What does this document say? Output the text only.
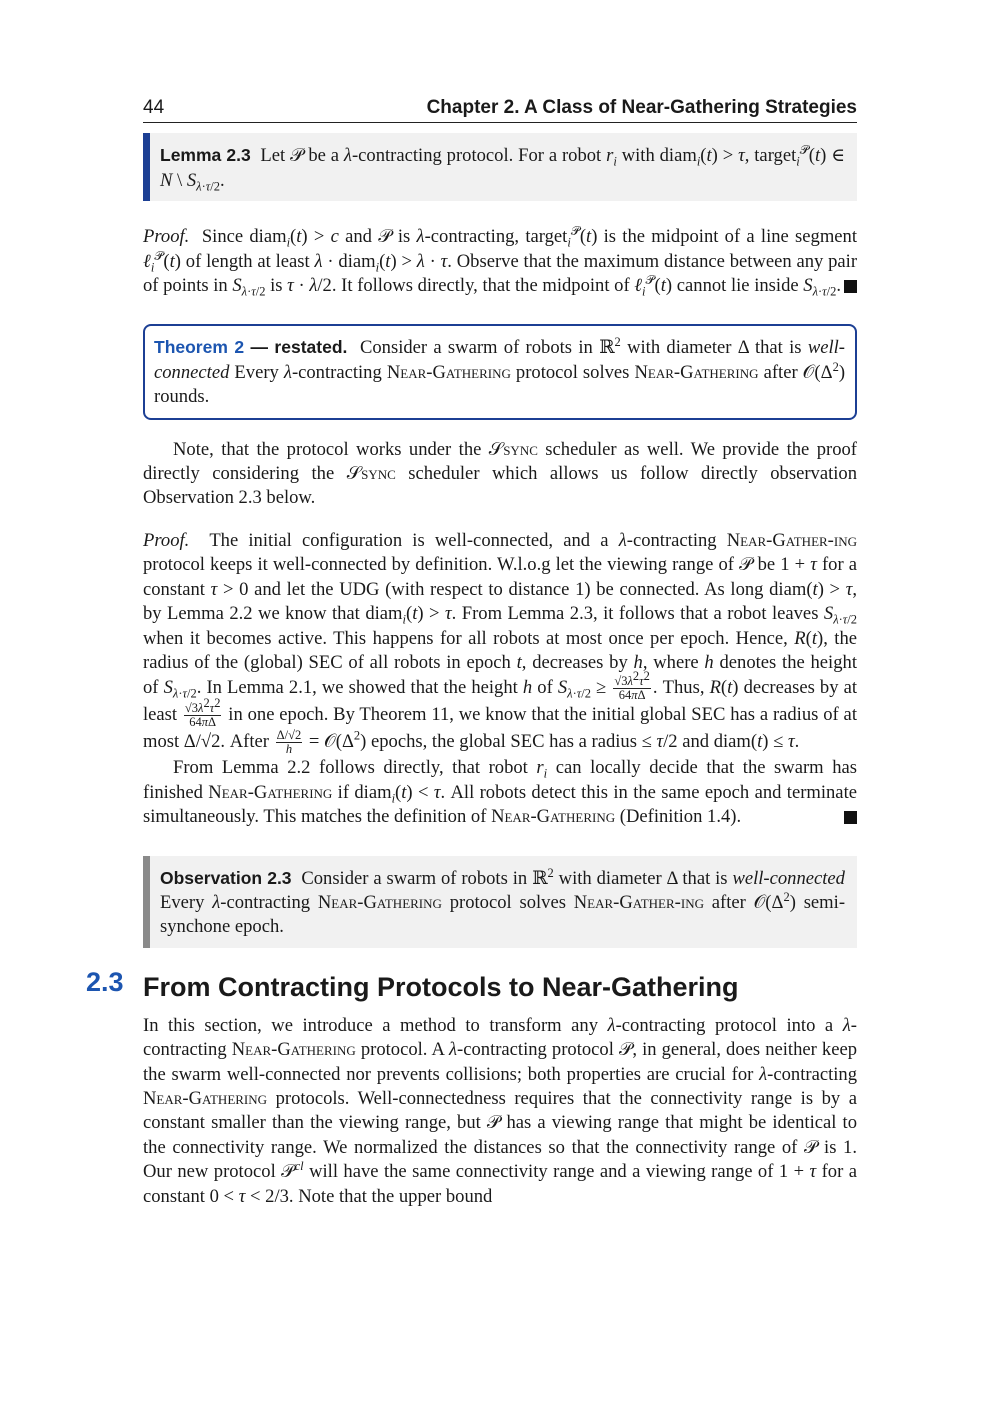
44	Chapter 2. A Class of Near-Gathering Strategies

Lemma 2.3  Let 𝒫 be a λ-contracting protocol. For a robot $r_i$ with diam$_i$(t) > τ, target$_i^𝒫$(t) ∈ N \ $S_{\lambda\cdot\tau/2}$.

Proof.  Since diam$_i$(t) > c and 𝒫 is λ-contracting, target$_i^𝒫$(t) is the midpoint of a line segment ℓ$_i^𝒫$(t) of length at least λ · diam$_i$(t) > λ · τ. Observe that the maximum distance between any pair of points in $S_{\lambda\cdot\tau/2}$ is τ · λ/2. It follows directly, that the midpoint of ℓ$_i^𝒫$(t) cannot lie inside $S_{\lambda\cdot\tau/2}$.

Theorem 2 — restated.  Consider a swarm of robots in ℝ$^2$ with diameter Δ that is well-connected Every λ-contracting Near-Gathering protocol solves Near-Gathering after $𝒪(\Delta^2)$ rounds.

Note, that the protocol works under the 𝒮sync scheduler as well. We provide the proof directly considering the 𝒮sync scheduler which allows us follow directly observation Observation 2.3 below.

Proof.  The initial configuration is well-connected, and a λ-contracting Near-Gather-ing protocol keeps it well-connected by definition. W.l.o.g let the viewing range of 𝒫 be 1 + τ for a constant τ > 0 and let the UDG (with respect to distance 1) be connected. As long diam(t) > τ, by Lemma 2.2 we know that diam$_i$(t) > τ. From Lemma 2.3, it follows that a robot leaves $S_{\lambda\cdot\tau/2}$ when it becomes active. This happens for all robots at most once per epoch. Hence, R(t), the radius of the (global) SEC of all robots in epoch t, decreases by h, where h denotes the height of $S_{\lambda\cdot\tau/2}$. In Lemma 2.1, we showed that the height h of $S_{\lambda\cdot\tau/2} \ge \frac{√3\lambda^2\tau^2}{64\pi\Delta}$ . Thus, R(t) decreases by at least $\frac{√3\lambda^2\tau^2}{64\pi\Delta}$ in one epoch. By Theorem 11, we know that the initial global SEC has a radius of at most Δ/√2. After $\frac{\Delta/√2}{h}$ = $𝒪(\Delta^2)$ epochs, the global SEC has a radius ≤ τ/2 and diam(t) ≤ τ.

From Lemma 2.2 follows directly, that robot $r_i$ can locally decide that the swarm has finished Near-Gathering if diam$_i$(t) < τ. All robots detect this in the same epoch and terminate simultaneously. This matches the definition of Near-Gathering (Definition 1.4).

Observation 2.3  Consider a swarm of robots in ℝ$^2$ with diameter Δ that is well-connected Every λ-contracting Near-Gathering protocol solves Near-Gather-ing after $𝒪(\Delta^2)$ semi-synchone epoch.

2.3 From Contracting Protocols to Near-Gathering

In this section, we introduce a method to transform any λ-contracting protocol into a λ-contracting Near-Gathering protocol. A λ-contracting protocol 𝒫, in general, does neither keep the swarm well-connected nor prevents collisions; both properties are crucial for λ-contracting Near-Gathering protocols. Well-connectedness requires that the connectivity range is by a constant smaller than the viewing range, but 𝒫 has a viewing range that might be identical to the connectivity range. We normalized the distances so that the connectivity range of 𝒫 is 1. Our new protocol 𝒫$^{cl}$ will have the same connectivity range and a viewing range of 1 + τ for a constant 0 < τ < 2/3. Note that the upper bound
